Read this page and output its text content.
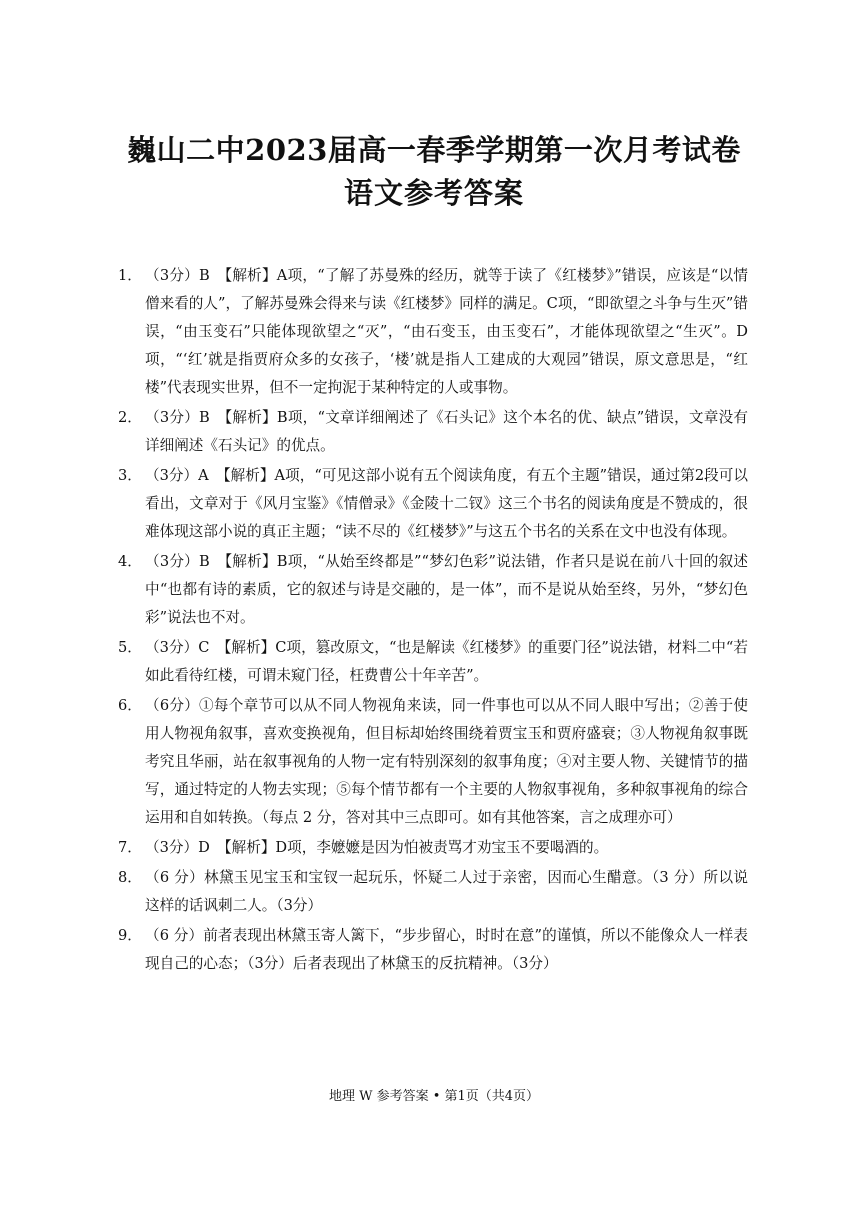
巍山二中2023届高一春季学期第一次月考试卷
语文参考答案
1． （3分）B　【解析】A项，“了解了苏曼殊的经历，就等于读了《红楼梦》”错误，应该是“以情僧来看的人”，了解苏曼殊会得来与读《红楼梦》同样的满足。C项，“即欲望之斗争与生灭”错误，“由玉变石”只能体现欲望之“灭”，“由石变玉，由玉变石”，才能体现欲望之“生灭”。D项，“‘红’就是指贾府众多的女孩子，‘楼’就是指人工建成的大观园”错误，原文意思是，“红楼”代表现实世界，但不一定拘泥于某种特定的人或事物。
2． （3分）B　【解析】B项，“文章详细阐述了《石头记》这个本名的优、缺点”错误，文章没有详细阐述《石头记》的优点。
3． （3分）A　【解析】A项，“可见这部小说有五个阅读角度，有五个主题”错误，通过第2段可以看出，文章对于《风月宝鉴》《情僧录》《金陵十二钗》这三个书名的阅读角度是不赞成的，很难体现这部小说的真正主题；“读不尽的《红楼梦》”与这五个书名的关系在文中也没有体现。
4． （3分）B　【解析】B项，“从始至终都是”“梦幻色彩”说法错，作者只是说在前八十回的叙述中“也都有诗的素质，它的叙述与诗是交融的，是一体”，而不是说从始至终，另外，“梦幻色彩”说法也不对。
5． （3分）C　【解析】C项，篡改原文，“也是解读《红楼梦》的重要门径”说法错，材料二中“若如此看待红楼，可谓未窥门径，枉费曹公十年辛苦”。
6． （6分）①每个章节可以从不同人物视角来读，同一件事也可以从不同人眼中写出；②善于使用人物视角叙事，喜欢变换视角，但目标却始终围绕着贾宝玉和贾府盛衰；③人物视角叙事既考究且华丽，站在叙事视角的人物一定有特别深刻的叙事角度；④对主要人物、关键情节的描写，通过特定的人物去实现；⑤每个情节都有一个主要的人物叙事视角，多种叙事视角的综合运用和自如转换。（每点 2 分，答对其中三点即可。如有其他答案，言之成理亦可）
7． （3分）D　【解析】D项，李嬷嬷是因为怕被责骂才劝宝玉不要喝酒的。
8． （6 分）林黛玉见宝玉和宝钗一起玩乐，怀疑二人过于亲密，因而心生醋意。（3 分）所以说这样的话讽刺二人。（3分）
9． （6 分）前者表现出林黛玉寄人篱下，“步步留心，时时在意”的谨慎，所以不能像众人一样表现自己的心态；（3分）后者表现出了林黛玉的反抗精神。（3分）
地理 W 参考答案 • 第1页（共4页）
